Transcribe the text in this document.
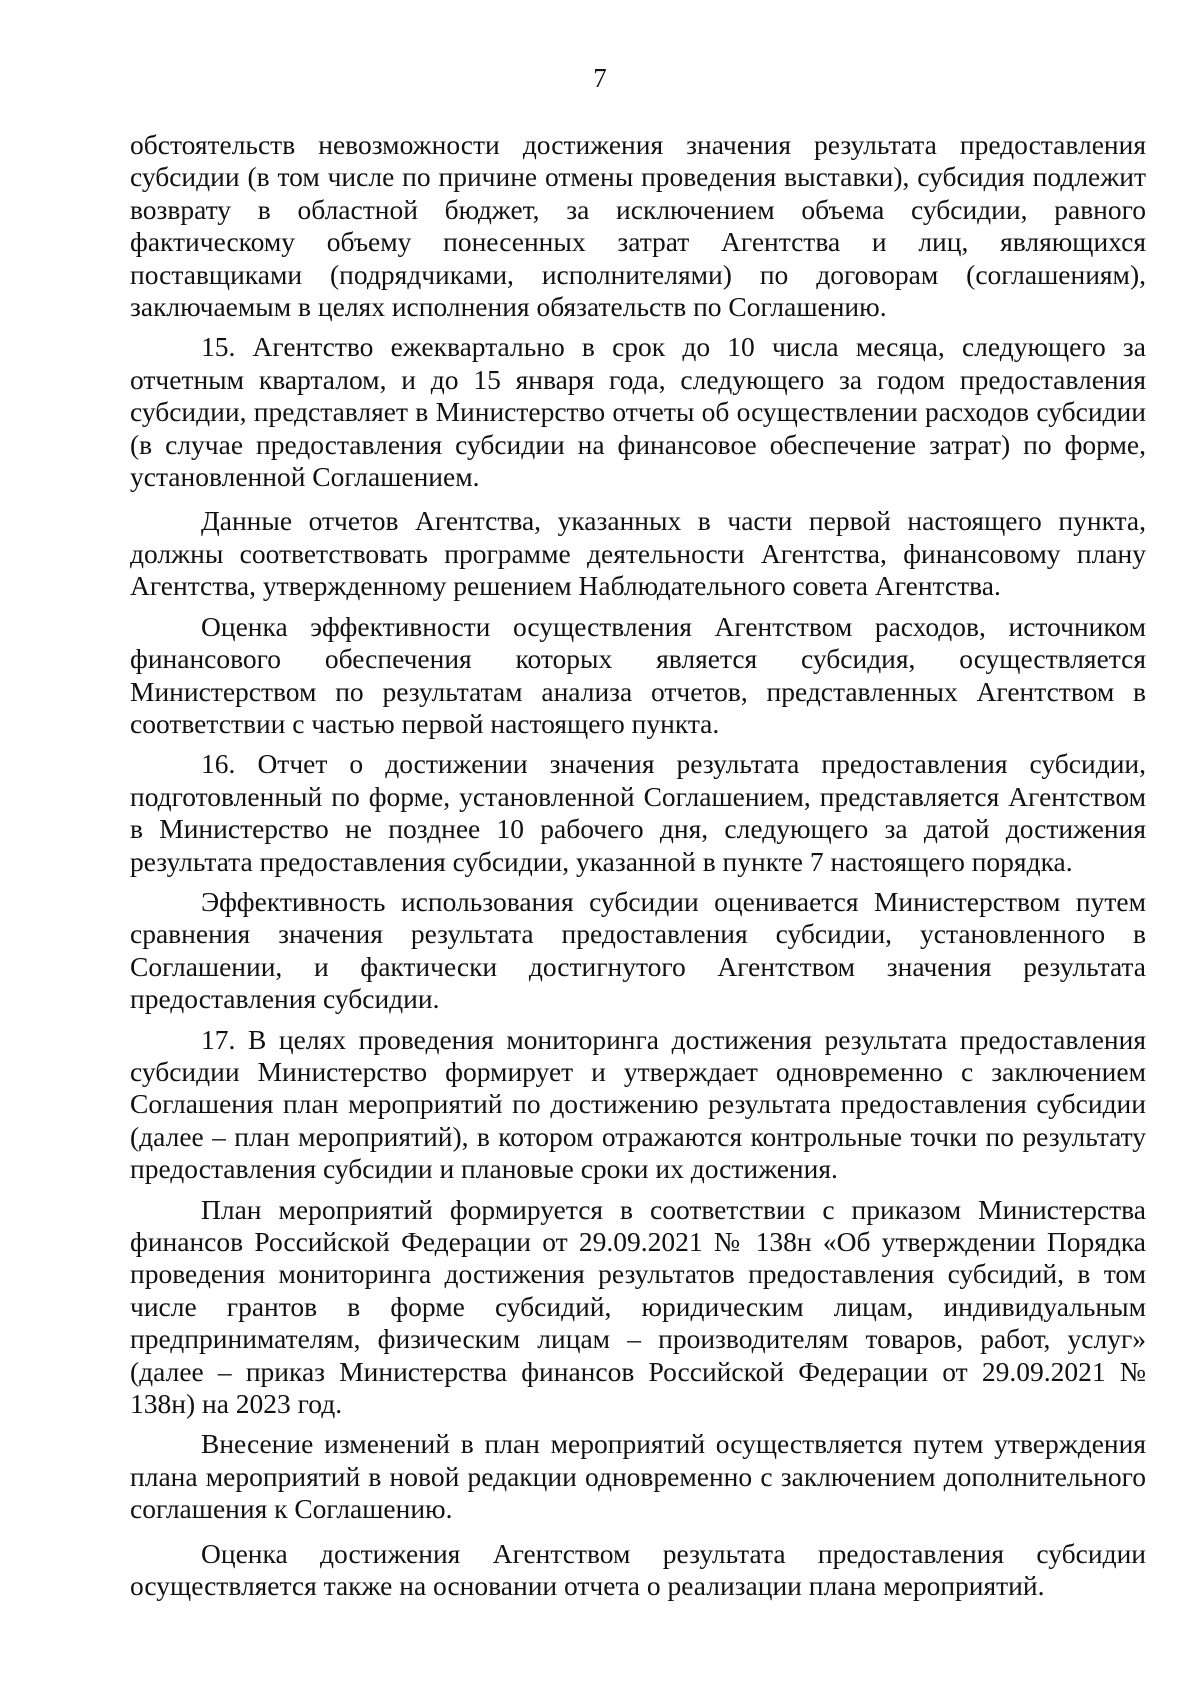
7

обстоятельств невозможности достижения значения результата предоставления субсидии (в том числе по причине отмены проведения выставки), субсидия подлежит возврату в областной бюджет, за исключением объема субсидии, равного фактическому объему понесенных затрат Агентства и лиц, являющихся поставщиками (подрядчиками, исполнителями) по договорам (соглашениям), заключаемым в целях исполнения обязательств по Соглашению.

15. Агентство ежеквартально в срок до 10 числа месяца, следующего за отчетным кварталом, и до 15 января года, следующего за годом предоставления субсидии, представляет в Министерство отчеты об осуществлении расходов субсидии (в случае предоставления субсидии на финансовое обеспечение затрат) по форме, установленной Соглашением.

Данные отчетов Агентства, указанных в части первой настоящего пункта, должны соответствовать программе деятельности Агентства, финансовому плану Агентства, утвержденному решением Наблюдательного совета Агентства.

Оценка эффективности осуществления Агентством расходов, источником финансового обеспечения которых является субсидия, осуществляется Министерством по результатам анализа отчетов, представленных Агентством в соответствии с частью первой настоящего пункта.

16. Отчет о достижении значения результата предоставления субсидии, подготовленный по форме, установленной Соглашением, представляется Агентством в Министерство не позднее 10 рабочего дня, следующего за датой достижения результата предоставления субсидии, указанной в пункте 7 настоящего порядка.

Эффективность использования субсидии оценивается Министерством путем сравнения значения результата предоставления субсидии, установленного в Соглашении, и фактически достигнутого Агентством значения результата предоставления субсидии.

17. В целях проведения мониторинга достижения результата предоставления субсидии Министерство формирует и утверждает одновременно с заключением Соглашения план мероприятий по достижению результата предоставления субсидии (далее – план мероприятий), в котором отражаются контрольные точки по результату предоставления субсидии и плановые сроки их достижения.

План мероприятий формируется в соответствии с приказом Министерства финансов Российской Федерации от 29.09.2021 № 138н «Об утверждении Порядка проведения мониторинга достижения результатов предоставления субсидий, в том числе грантов в форме субсидий, юридическим лицам, индивидуальным предпринимателям, физическим лицам – производителям товаров, работ, услуг» (далее – приказ Министерства финансов Российской Федерации от 29.09.2021 № 138н) на 2023 год.

Внесение изменений в план мероприятий осуществляется путем утверждения плана мероприятий в новой редакции одновременно с заключением дополнительного соглашения к Соглашению.

Оценка достижения Агентством результата предоставления субсидии осуществляется также на основании отчета о реализации плана мероприятий.
